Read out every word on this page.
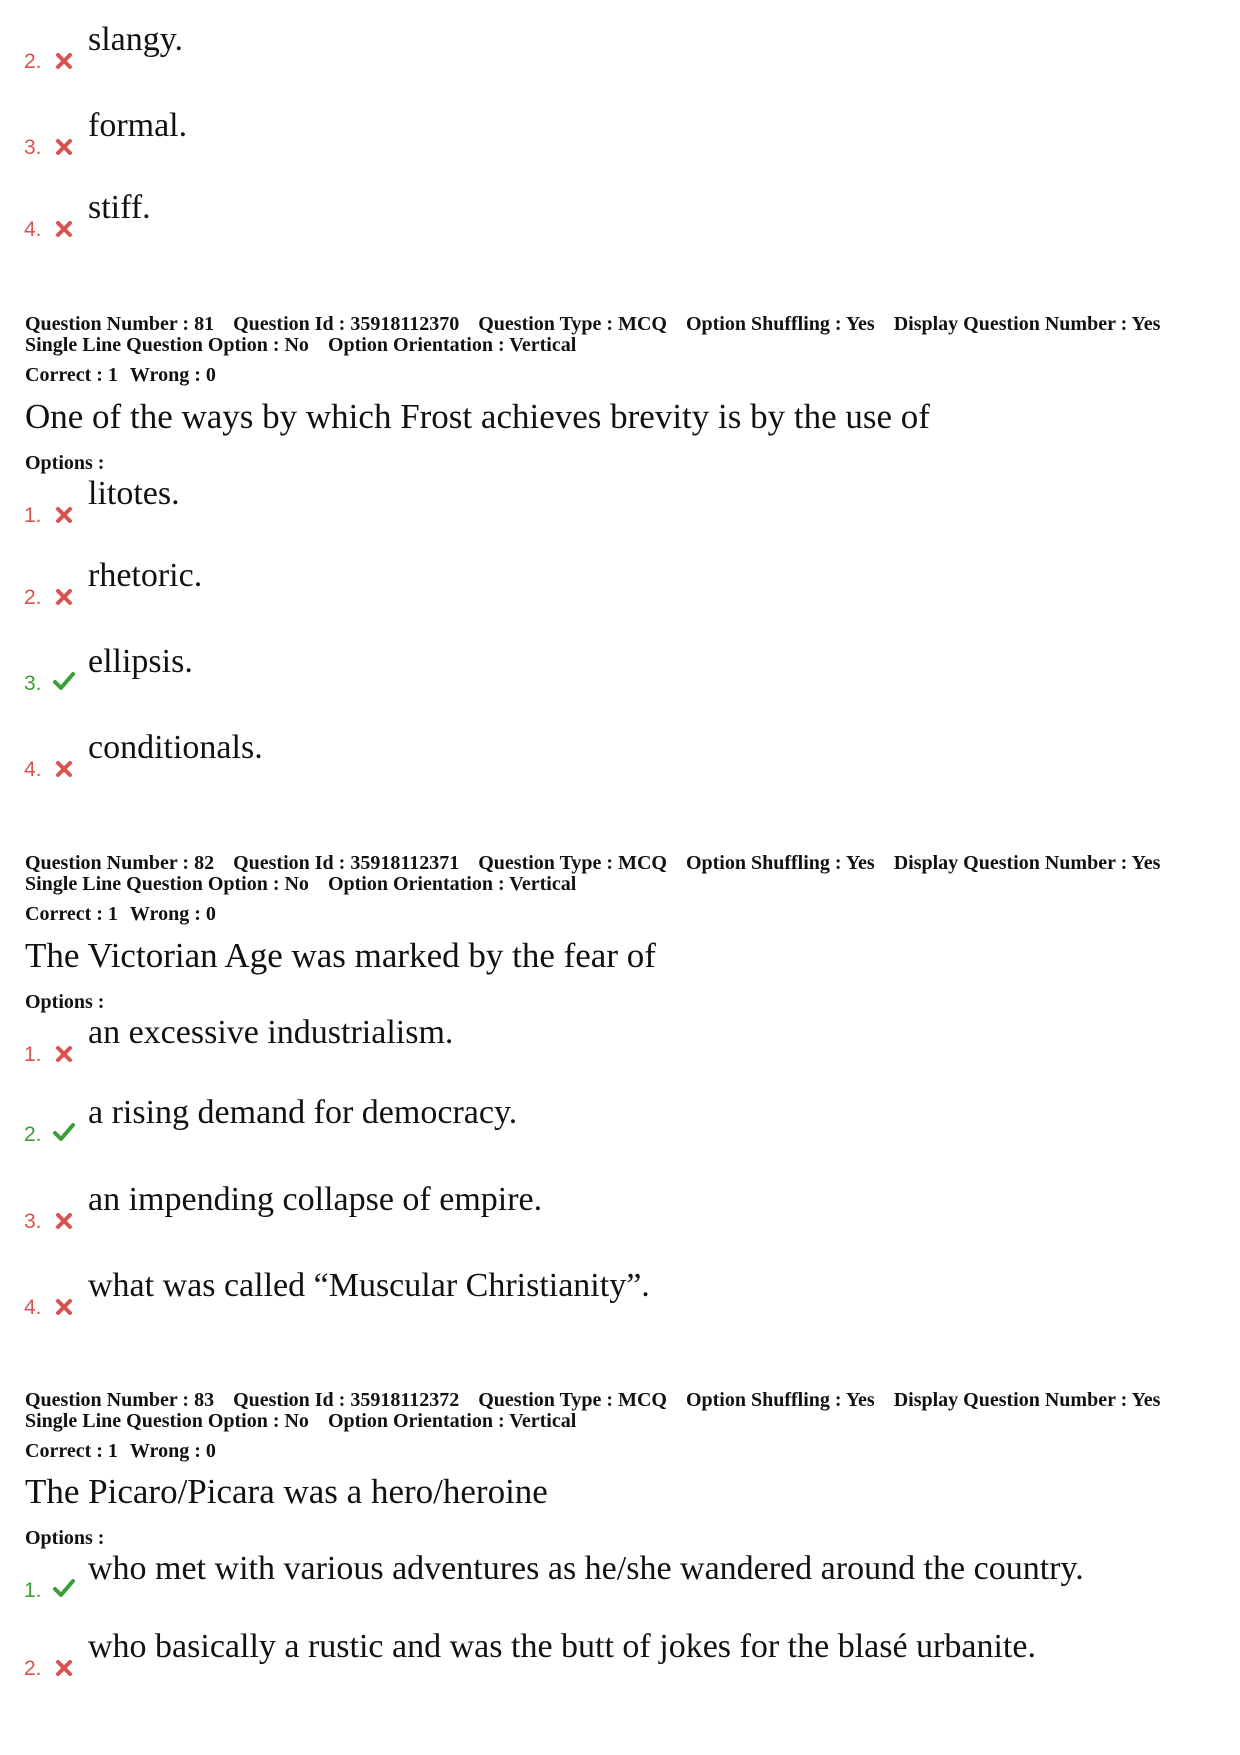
slangy.
2.
formal.
3.
stiff.
4.
Question Number : 81 Question Id : 35918112370 Question Type : MCQ Option Shuffling : Yes Display Question Number : Yes
Single Line Question Option : No Option Orientation : Vertical
Correct : 1 Wrong : 0
One of the ways by which Frost achieves brevity is by the use of
Options :
litotes.
1.
rhetoric.
2.
ellipsis.
3.
conditionals.
4.
Question Number : 82 Question Id : 35918112371 Question Type : MCQ Option Shuffling : Yes Display Question Number : Yes
Single Line Question Option : No Option Orientation : Vertical
Correct : 1 Wrong : 0
The Victorian Age was marked by the fear of
Options :
an excessive industrialism.
1.
a rising demand for democracy.
2.
an impending collapse of empire.
3.
what was called “Muscular Christianity”.
4.
Question Number : 83 Question Id : 35918112372 Question Type : MCQ Option Shuffling : Yes Display Question Number : Yes
Single Line Question Option : No Option Orientation : Vertical
Correct : 1 Wrong : 0
The Picaro/Picara was a hero/heroine
Options :
who met with various adventures as he/she wandered around the country.
1.
who basically a rustic and was the butt of jokes for the blasé urbanite.
2.
